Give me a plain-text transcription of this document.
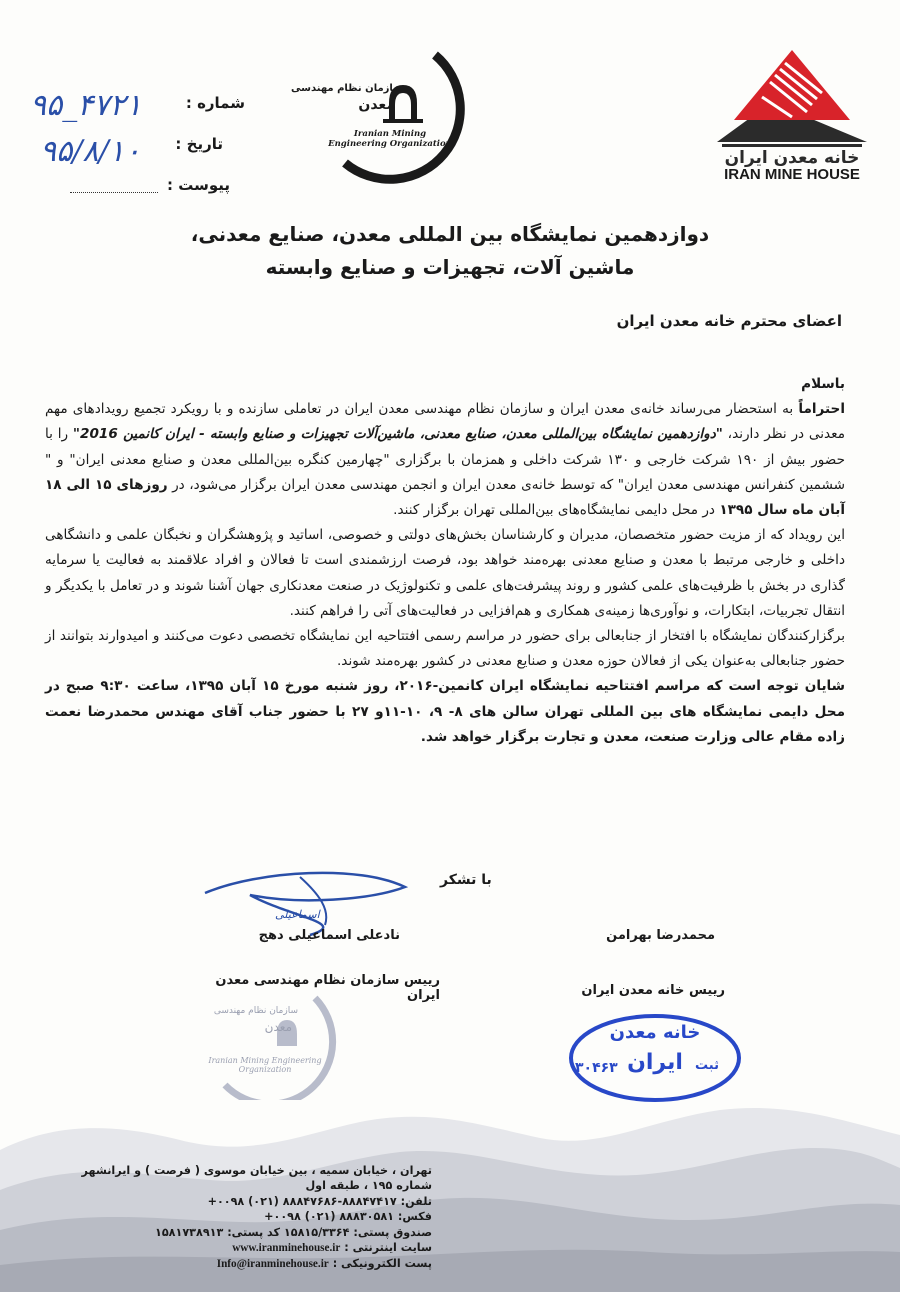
خانه معدن ایران
IRAN MINE HOUSE
سازمان نظام مهندسی
معدن
Iranian Mining Engineering Organization
شماره :
۹۵_۴۷۲۱
تاریخ :
۹۵/۸/۱۰
پیوست :
دوازدهمین نمایشگاه بین المللی معدن، صنایع معدنی،
ماشین آلات، تجهیزات و صنایع وابسته
اعضای محترم خانه معدن ایران

باسلام

احتراماً به استحضار می‌رساند خانه‌ی معدن ایران و سازمان نظام مهندسی معدن ایران در تعاملی سازنده و با رویکرد تجمیع رویدادهای مهم معدنی در نظر دارند، "دوازدهمین نمایشگاه بین‌المللی معدن، صنایع معدنی، ماشین‌آلات تجهیزات و صنایع وابسته - ایران کانمین 2016" را با حضور بیش از ۱۹۰ شرکت خارجی و ۱۳۰ شرکت داخلی و همزمان با برگزاری "چهارمین کنگره بین‌المللی معدن و صنایع معدنی ایران" و " ششمین کنفرانس مهندسی معدن ایران" که توسط خانه‌ی معدن ایران و انجمن مهندسی معدن ایران برگزار می‌شود، در روزهای ۱۵ الی ۱۸ آبان ماه سال ۱۳۹۵ در محل دایمی نمایشگاه‌های بین‌المللی تهران برگزار کنند.

این رویداد که از مزیت حضور متخصصان، مدیران و کارشناسان بخش‌های دولتی و خصوصی، اساتید و پژوهشگران و نخبگان علمی و دانشگاهی داخلی و خارجی مرتبط با معدن و صنایع معدنی بهره‌مند خواهد بود، فرصت ارزشمندی است تا فعالان و افراد علاقمند به فعالیت یا سرمایه گذاری در بخش با ظرفیت‌های علمی کشور و روند پیشرفت‌های علمی و تکنولوژیک در صنعت معدنکاری جهان آشنا شوند و در تعامل با یکدیگر و انتقال تجربیات، ابتکارات، و نوآوری‌ها زمینه‌ی همکاری و هم‌افزایی در فعالیت‌های آتی را فراهم کنند.

برگزارکنندگان نمایشگاه با افتخار از جنابعالی برای حضور در مراسم رسمی افتتاحیه این نمایشگاه تخصصی دعوت می‌کنند و امیدوارند بتوانند از حضور جنابعالی به‌عنوان یکی از فعالان حوزه معدن و صنایع معدنی در کشور بهره‌مند شوند.

شایان توجه است که مراسم افتتاحیه نمایشگاه ایران کانمین-۲۰۱۶، روز شنبه مورخ ۱۵ آبان ۱۳۹۵، ساعت ۹:۳۰ صبح در محل دایمی نمایشگاه های بین المللی تهران سالن های ۸- ۹، ۱۰-۱۱و ۲۷ با حضور جناب آقای مهندس محمدرضا نعمت زاده مقام عالی وزارت صنعت، معدن و تجارت برگزار خواهد شد.

با تشکر
اسماعیلی
نادعلی اسماعیلی دهج
رییس سازمان نظام مهندسی معدن ایران
سازمان نظام مهندسی
معدن
Iranian Mining Engineering Organization
محمدرضا بهرامن
رییس خانه معدن ایران
خانه معدن
ایران ثبت
۳۰۴۶۳
تهران ، خیابان سمیه ، بین خیابان موسوی ( فرصت ) و ایرانشهر
شماره ۱۹۵ ، طبقه اول
تلفن: ۸۸۸۴۷۴۱۷-۸۸۸۴۷۶۸۶ (۰۲۱) ۰۰۹۸+
فکس: ۸۸۸۳۰۵۸۱ (۰۲۱) ۰۰۹۸+
صندوق پستی: ۱۵۸۱۵/۳۳۶۴ کد پستی: ۱۵۸۱۷۳۸۹۱۳
سایت اینترنتی : www.iranminehouse.ir
پست الکترونیکی : Info@iranminehouse.ir
